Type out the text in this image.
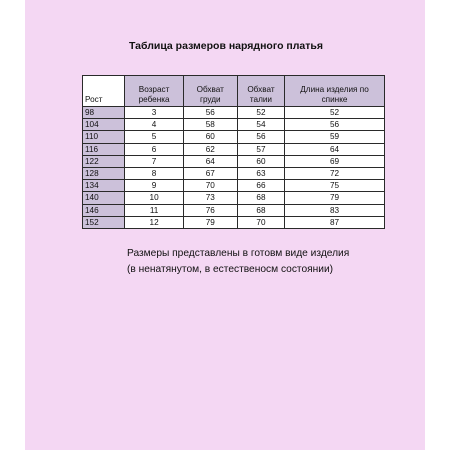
Таблица размеров нарядного платья
Рост	Возраст ребенка	Обхват груди	Обхват талии	Длина изделия по спинке
98	3	56	52	52
104	4	58	54	56
110	5	60	56	59
116	6	62	57	64
122	7	64	60	69
128	8	67	63	72
134	9	70	66	75
140	10	73	68	79
146	11	76	68	83
152	12	79	70	87
Размеры представлены в готовм виде изделия
(в ненатянутом, в естественосм состоянии)
